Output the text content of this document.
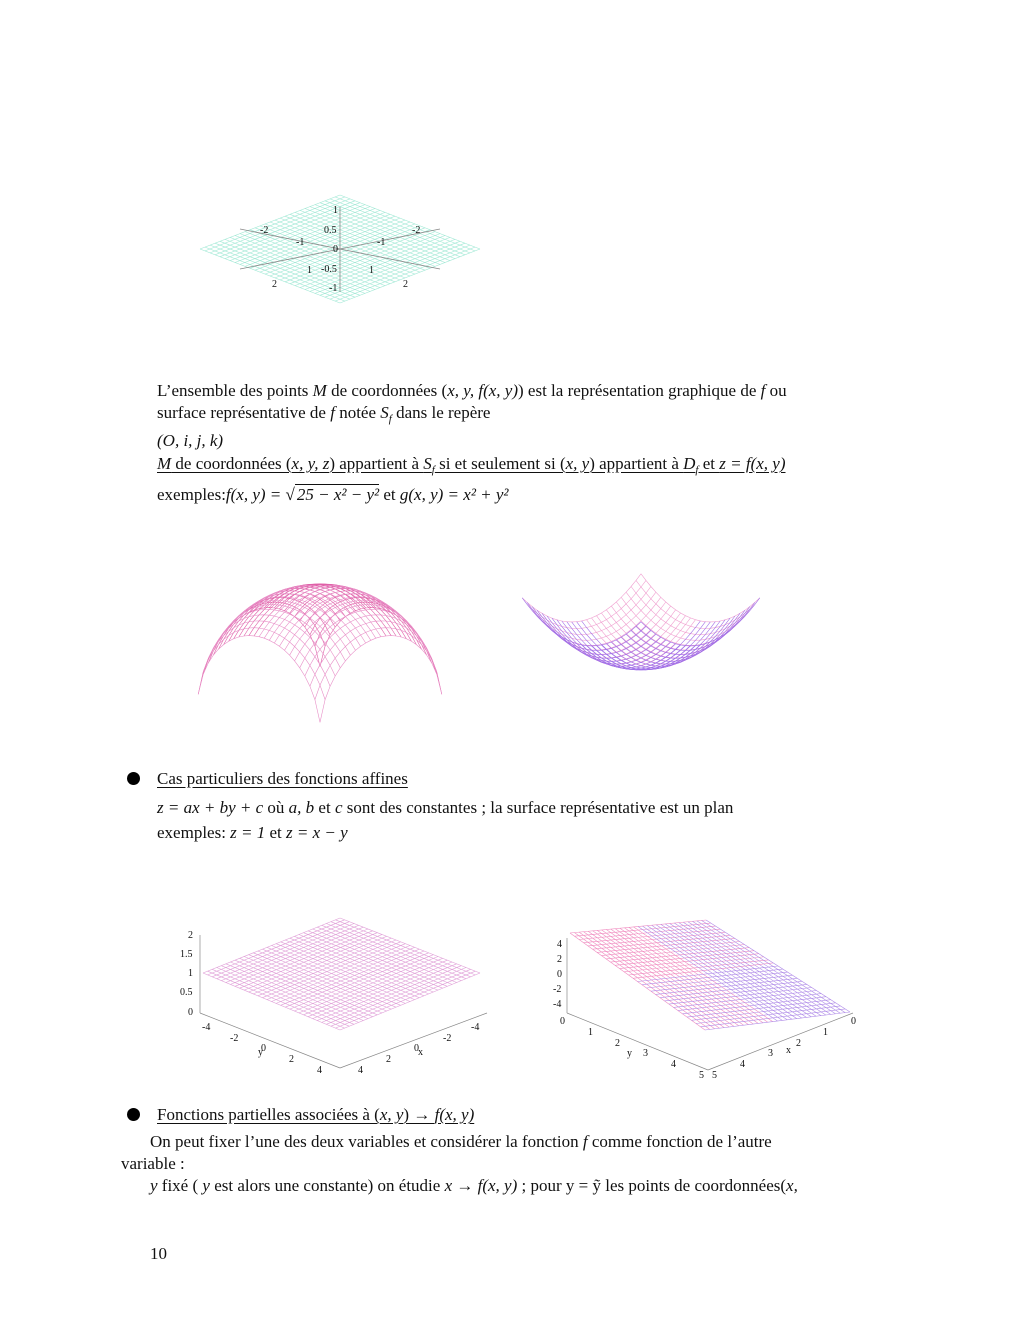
1
0.5
0
-0.5
-1
-2
-1
1
2
-2
-1
1
2
L’ensemble des points M de coordonnées (x, y, f(x, y)) est la représentation graphique de f ou
surface représentative de f notée $S_f$ dans le repère
(O, i, j, k)
M de coordonnées (x, y, z) appartient à $S_f$ si et seulement si (x, y) appartient à $D_f$ et z = f(x, y)
exemples:f(x, y) = √ 25 − x² − y² et g(x, y) = x² + y²
Cas particuliers des fonctions affines
z = ax + by + c où a, b et c sont des constantes ; la surface représentative est un plan
exemples: z = 1 et z = x − y
2
1.5
1
0.5
0
-4
-2
0
2
4
y
-4
-2
0
2
4
x
4
2
0
-2
-4
0
1
2
3
4
5
y
0
1
2
3
4
5
x
Fonctions partielles associées à (x, y) → f(x, y)
On peut fixer l’une des deux variables et considérer la fonction f comme fonction de l’autre
variable :
y fixé ( y est alors une constante) on étudie x → f(x, y) ; pour y = ỹ les points de coordonnées(x,
10
